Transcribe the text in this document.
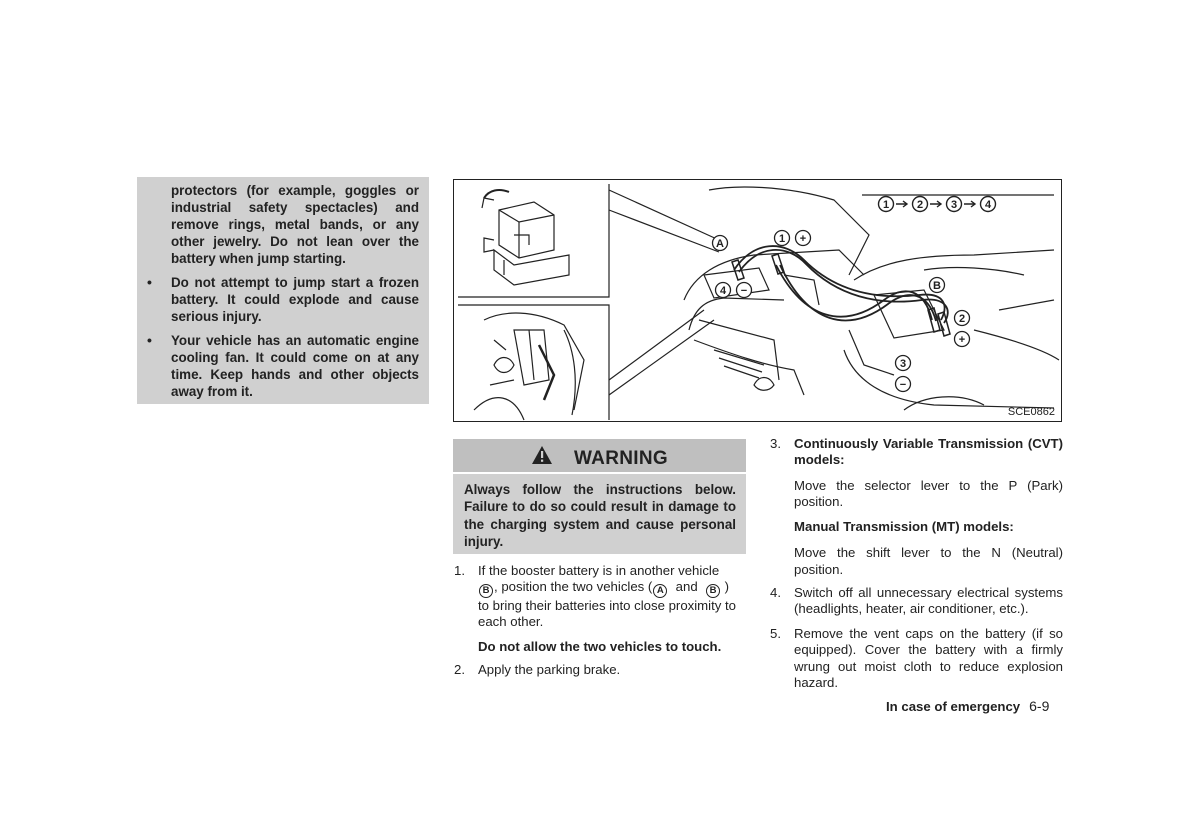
protectors (for example, goggles or industrial safety spectacles) and remove rings, metal bands, or any other jewelry. Do not lean over the battery when jump starting.

• Do not attempt to jump start a frozen battery. It could explode and cause serious injury.
• Your vehicle has an automatic engine cooling fan. It could come on at any time. Keep hands and other objects away from it.
1	2	3	4
A	1 +
4 −	B
2
+
3
−
SCE0862
WARNING

Always follow the instructions below. Failure to do so could result in damage to the charging system and cause personal injury.

1. If the booster battery is in another vehicle
B , position the two vehicles ( A and B )
to bring their batteries into close proximity to each other.
Do not allow the two vehicles to touch.
2. Apply the parking brake.
3. Continuously Variable Transmission (CVT) models:
Move the selector lever to the P (Park) position.
Manual Transmission (MT) models:
Move the shift lever to the N (Neutral) position.
4. Switch off all unnecessary electrical systems (headlights, heater, air conditioner, etc.).
5. Remove the vent caps on the battery (if so equipped). Cover the battery with a firmly wrung out moist cloth to reduce explosion hazard.
In case of emergency 6-9
